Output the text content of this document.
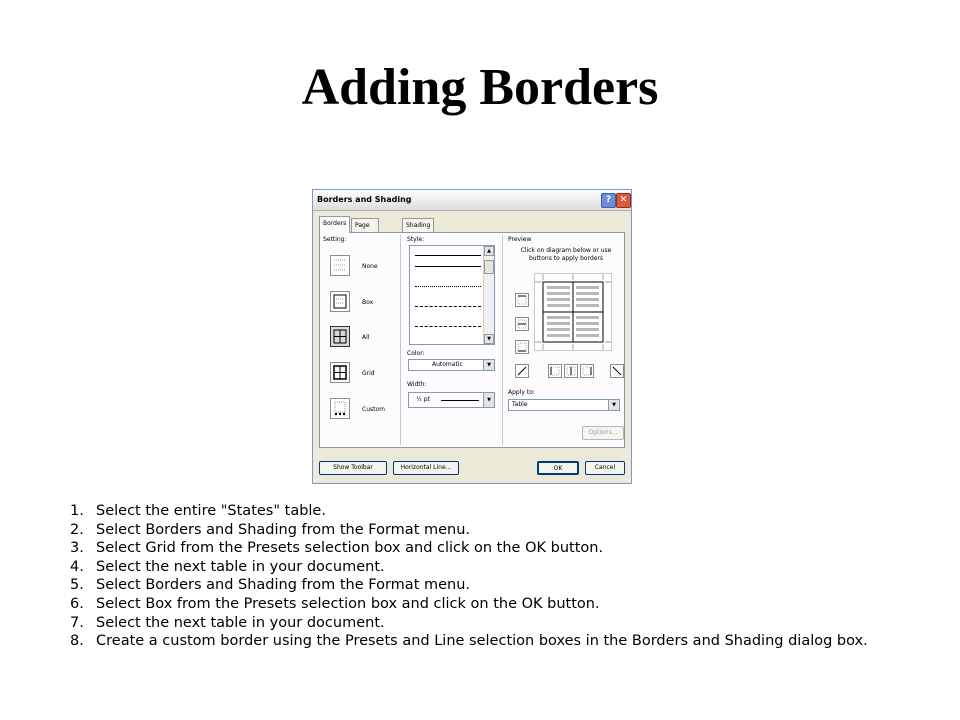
Adding Borders
Borders and Shading	? ✕
Borders	Page	Shading
Setting:
None
Box
All
Grid
Custom
Style:
▲
▼
Color:
Automatic	▼
Width:
½ pt	▼
Preview
Click on diagram below or use buttons to apply borders
Apply to:
Table	▼
Options...
Show Toolbar	Horizontal Line...	OK	Cancel
1. Select the entire "States" table.
2. Select Borders and Shading from the Format menu.
3. Select Grid from the Presets selection box and click on the OK button.
4. Select the next table in your document.
5. Select Borders and Shading from the Format menu.
6. Select Box from the Presets selection box and click on the OK button.
7. Select the next table in your document.
8. Create a custom border using the Presets and Line selection boxes in the Borders and Shading dialog box.
